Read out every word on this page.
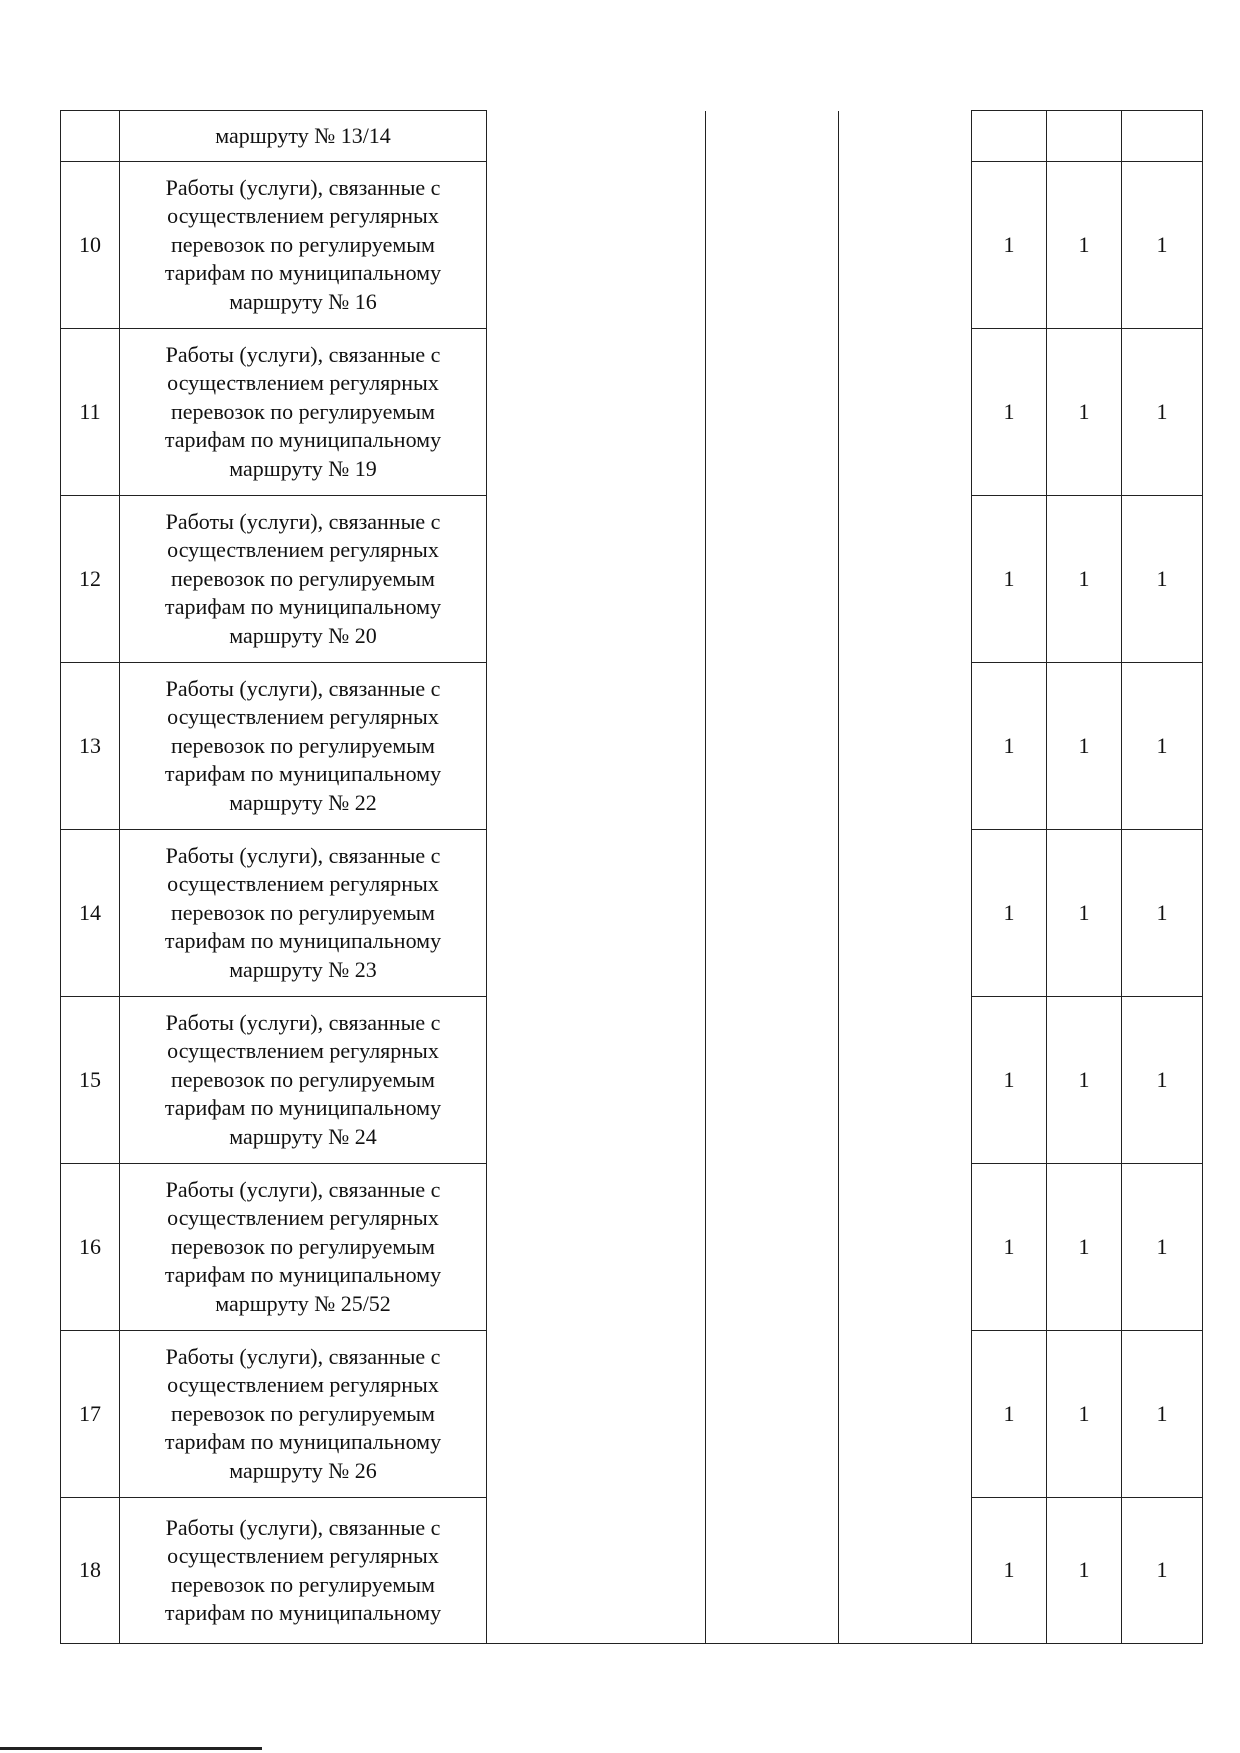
	маршруту № 13/14						
10	Работы (услуги), связанные с
осуществлением регулярных
перевозок по регулируемым
тарифам по муниципальному
маршруту № 16				1	1	1
11	Работы (услуги), связанные с
осуществлением регулярных
перевозок по регулируемым
тарифам по муниципальному
маршруту № 19				1	1	1
12	Работы (услуги), связанные с
осуществлением регулярных
перевозок по регулируемым
тарифам по муниципальному
маршруту № 20				1	1	1
13	Работы (услуги), связанные с
осуществлением регулярных
перевозок по регулируемым
тарифам по муниципальному
маршруту № 22				1	1	1
14	Работы (услуги), связанные с
осуществлением регулярных
перевозок по регулируемым
тарифам по муниципальному
маршруту № 23				1	1	1
15	Работы (услуги), связанные с
осуществлением регулярных
перевозок по регулируемым
тарифам по муниципальному
маршруту № 24				1	1	1
16	Работы (услуги), связанные с
осуществлением регулярных
перевозок по регулируемым
тарифам по муниципальному
маршруту № 25/52				1	1	1
17	Работы (услуги), связанные с
осуществлением регулярных
перевозок по регулируемым
тарифам по муниципальному
маршруту № 26				1	1	1
18	Работы (услуги), связанные с
осуществлением регулярных
перевозок по регулируемым
тарифам по муниципальному				1	1	1
